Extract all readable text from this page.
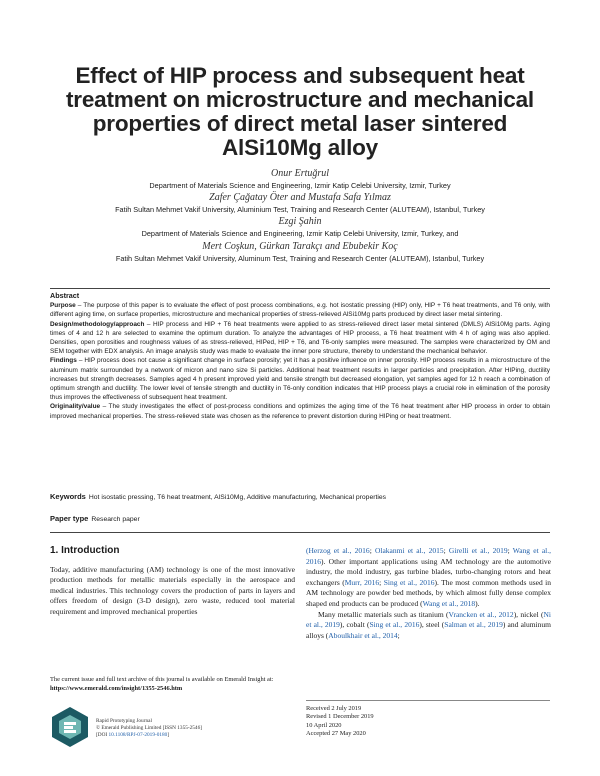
Effect of HIP process and subsequent heat
treatment on microstructure and mechanical
properties of direct metal laser sintered
AlSi10Mg alloy
Onur Ertuğrul
Department of Materials Science and Engineering, Izmir Katip Celebi University, Izmir, Turkey
Zafer Çağatay Öter and Mustafa Safa Yılmaz
Fatih Sultan Mehmet Vakif University, Aluminium Test, Training and Research Center (ALUTEAM), Istanbul, Turkey
Ezgi Şahin
Department of Materials Science and Engineering, Izmir Katip Celebi University, Izmir, Turkey, and
Mert Coşkun, Gürkan Tarakçı and Ebubekir Koç
Fatih Sultan Mehmet Vakif University, Aluminum Test, Training and Research Center (ALUTEAM), Istanbul, Turkey
Abstract

Purpose – The purpose of this paper is to evaluate the effect of post process combinations, e.g. hot isostatic pressing (HIP) only, HIP + T6 heat treatments, and T6 only, with different aging time, on surface properties, microstructure and mechanical properties of stress-relieved AlSi10Mg parts produced by direct laser metal sintering.

Design/methodology/approach – HIP process and HIP + T6 heat treatments were applied to as stress-relieved direct laser metal sintered (DMLS) AlSi10Mg parts. Aging times of 4 and 12 h are selected to examine the optimum duration. To analyze the advantages of HIP process, a T6 heat treatment with 4 h of aging was also applied. Densities, open porosities and roughness values of as stress-relieved, HIPed, HIP + T6, and T6-only samples were measured. The samples were characterized by OM and SEM together with EDX analysis. An image analysis study was made to evaluate the inner pore structure, thereby to understand the mechanical behavior.

Findings – HIP process does not cause a significant change in surface porosity; yet it has a positive influence on inner porosity. HIP process results in a microstructure of the aluminum matrix surrounded by a network of micron and nano size Si particles. Additional heat treatment results in larger particles and precipitation. After HIPing, ductility increases but strength decreases. Samples aged 4 h present improved yield and tensile strength but decreased elongation, yet samples aged for 12 h reach a combination of optimum strength and ductility. The lower level of tensile strength and ductility in T6-only condition indicates that HIP process plays a crucial role in elimination of the porosity thus improves the effectiveness of subsequent heat treatment.

Originality/value – The study investigates the effect of post-process conditions and optimizes the aging time of the T6 heat treatment after HIP process in order to obtain improved mechanical properties. The stress-relieved state was chosen as the reference to prevent distortion during HIPing or heat treatment.

Keywords Hot isostatic pressing, T6 heat treatment, AlSi10Mg, Additive manufacturing, Mechanical properties
Paper type Research paper
1. Introduction

Today, additive manufacturing (AM) technology is one of the most innovative production methods for metallic materials especially in the aerospace and medical industries. This technology covers the production of parts in layers and offers freedom of design (3-D design), zero waste, reduced tool material requirement and improved mechanical properties

(Herzog et al., 2016; Olakanmi et al., 2015; Girelli et al., 2019; Wang et al., 2016). Other important applications using AM technology are the automotive industry, the mold industry, gas turbine blades, turbo-changing rotors and heat exchangers (Murr, 2016; Sing et al., 2016). The most common methods used in AM technology are powder bed methods, by which almost fully dense complex shaped end products can be produced (Wang et al., 2018).

Many metallic materials such as titanium (Vrancken et al., 2012), nickel (Ni et al., 2019), cobalt (Sing et al., 2016), steel (Salman et al., 2019) and aluminum alloys (Aboulkhair et al., 2014;

The current issue and full text archive of this journal is available on Emerald Insight at: https://www.emerald.com/insight/1355-2546.htm
Rapid Prototyping Journal
© Emerald Publishing Limited [ISSN 1355-2546]
[DOI 10.1108/RPJ-07-2019-0180]
Received 2 July 2019
Revised 1 December 2019
10 April 2020
Accepted 27 May 2020
